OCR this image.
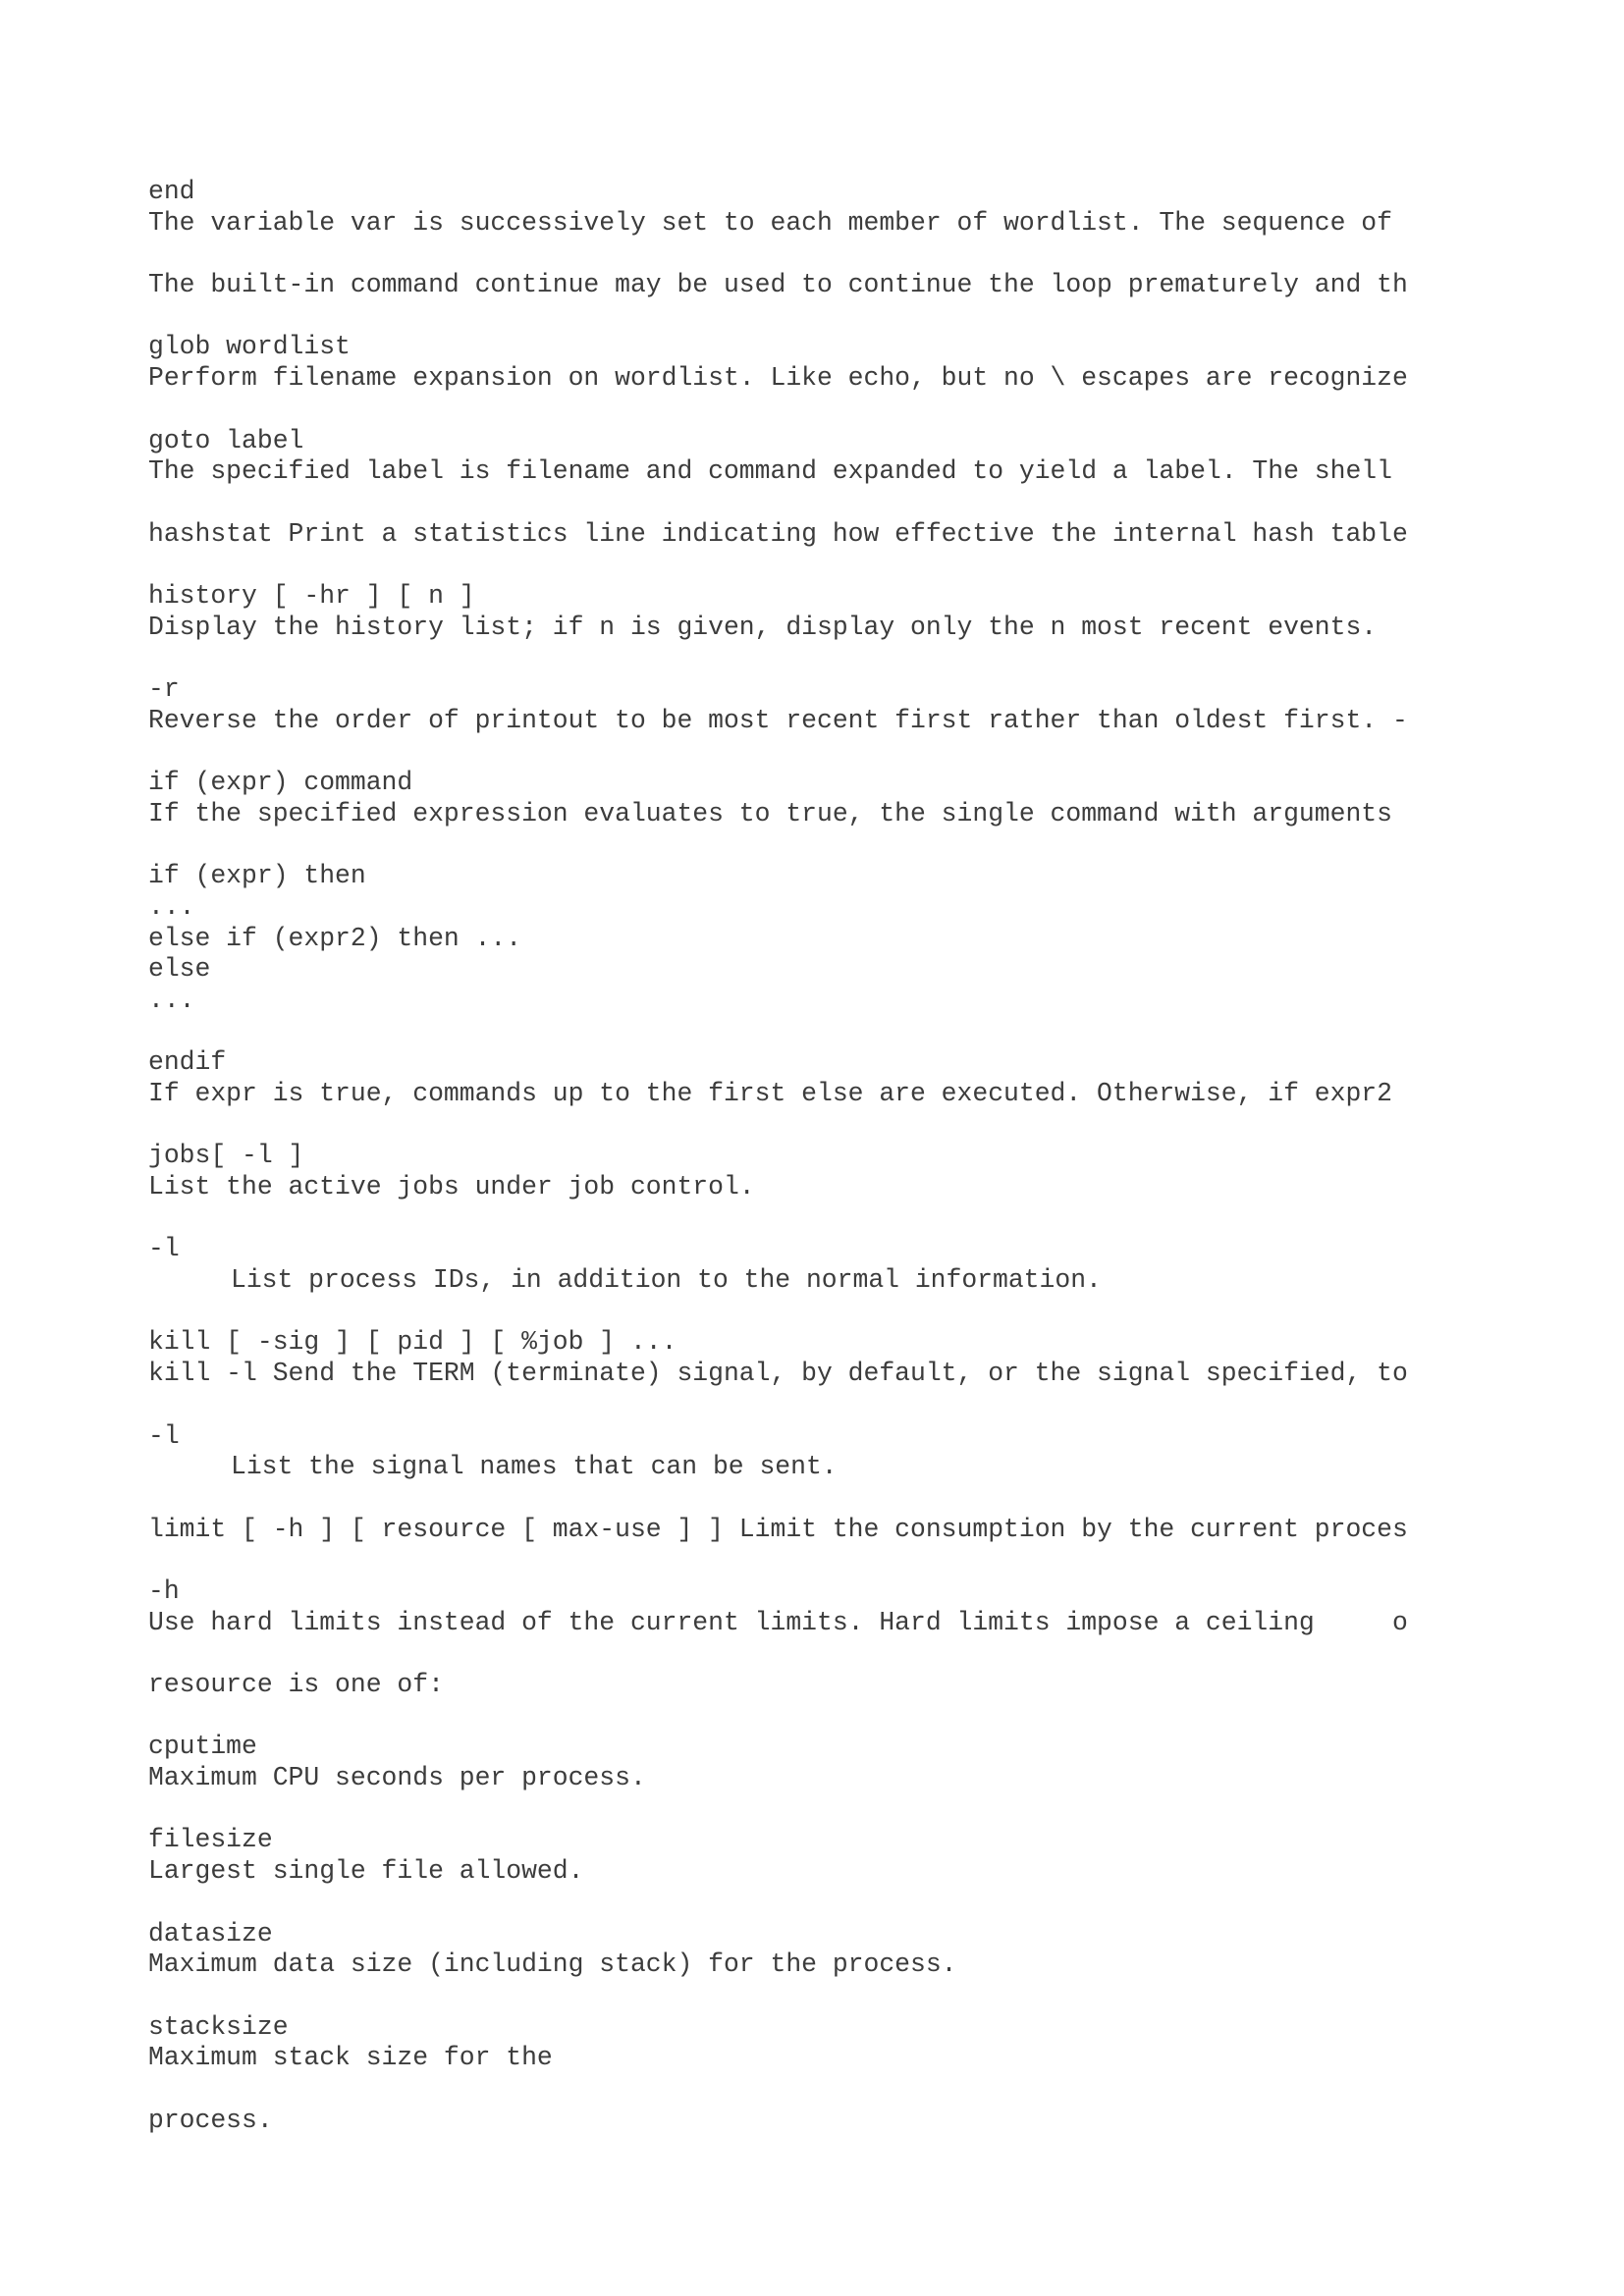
end
The variable var is successively set to each member of wordlist. The sequence of
The built-in command continue may be used to continue the loop prematurely and th
glob wordlist
Perform filename expansion on wordlist. Like echo, but no \ escapes are recognize
goto label
The specified label is filename and command expanded to yield a label. The shell
hashstat Print a statistics line indicating how effective the internal hash table
history [ -hr ] [ n ]
Display the history list; if n is given, display only the n most recent events.
-r
Reverse the order of printout to be most recent first rather than oldest first. -
if (expr) command
If the specified expression evaluates to true, the single command with arguments
if (expr) then
...
else if (expr2) then ...
else
...
endif
If expr is true, commands up to the first else are executed. Otherwise, if expr2
jobs[ -l ]
List the active jobs under job control.
-l
List process IDs, in addition to the normal information.
kill [ -sig ] [ pid ] [ %job ] ...
kill -l Send the TERM (terminate) signal, by default, or the signal specified, to
-l
List the signal names that can be sent.
limit [ -h ] [ resource [ max-use ] ] Limit the consumption by the current proces
-h
Use hard limits instead of the current limits. Hard limits impose a ceiling     o
resource is one of:
cputime
Maximum CPU seconds per process.
filesize
Largest single file allowed.
datasize
Maximum data size (including stack) for the process.
stacksize
Maximum stack size for the
process.
